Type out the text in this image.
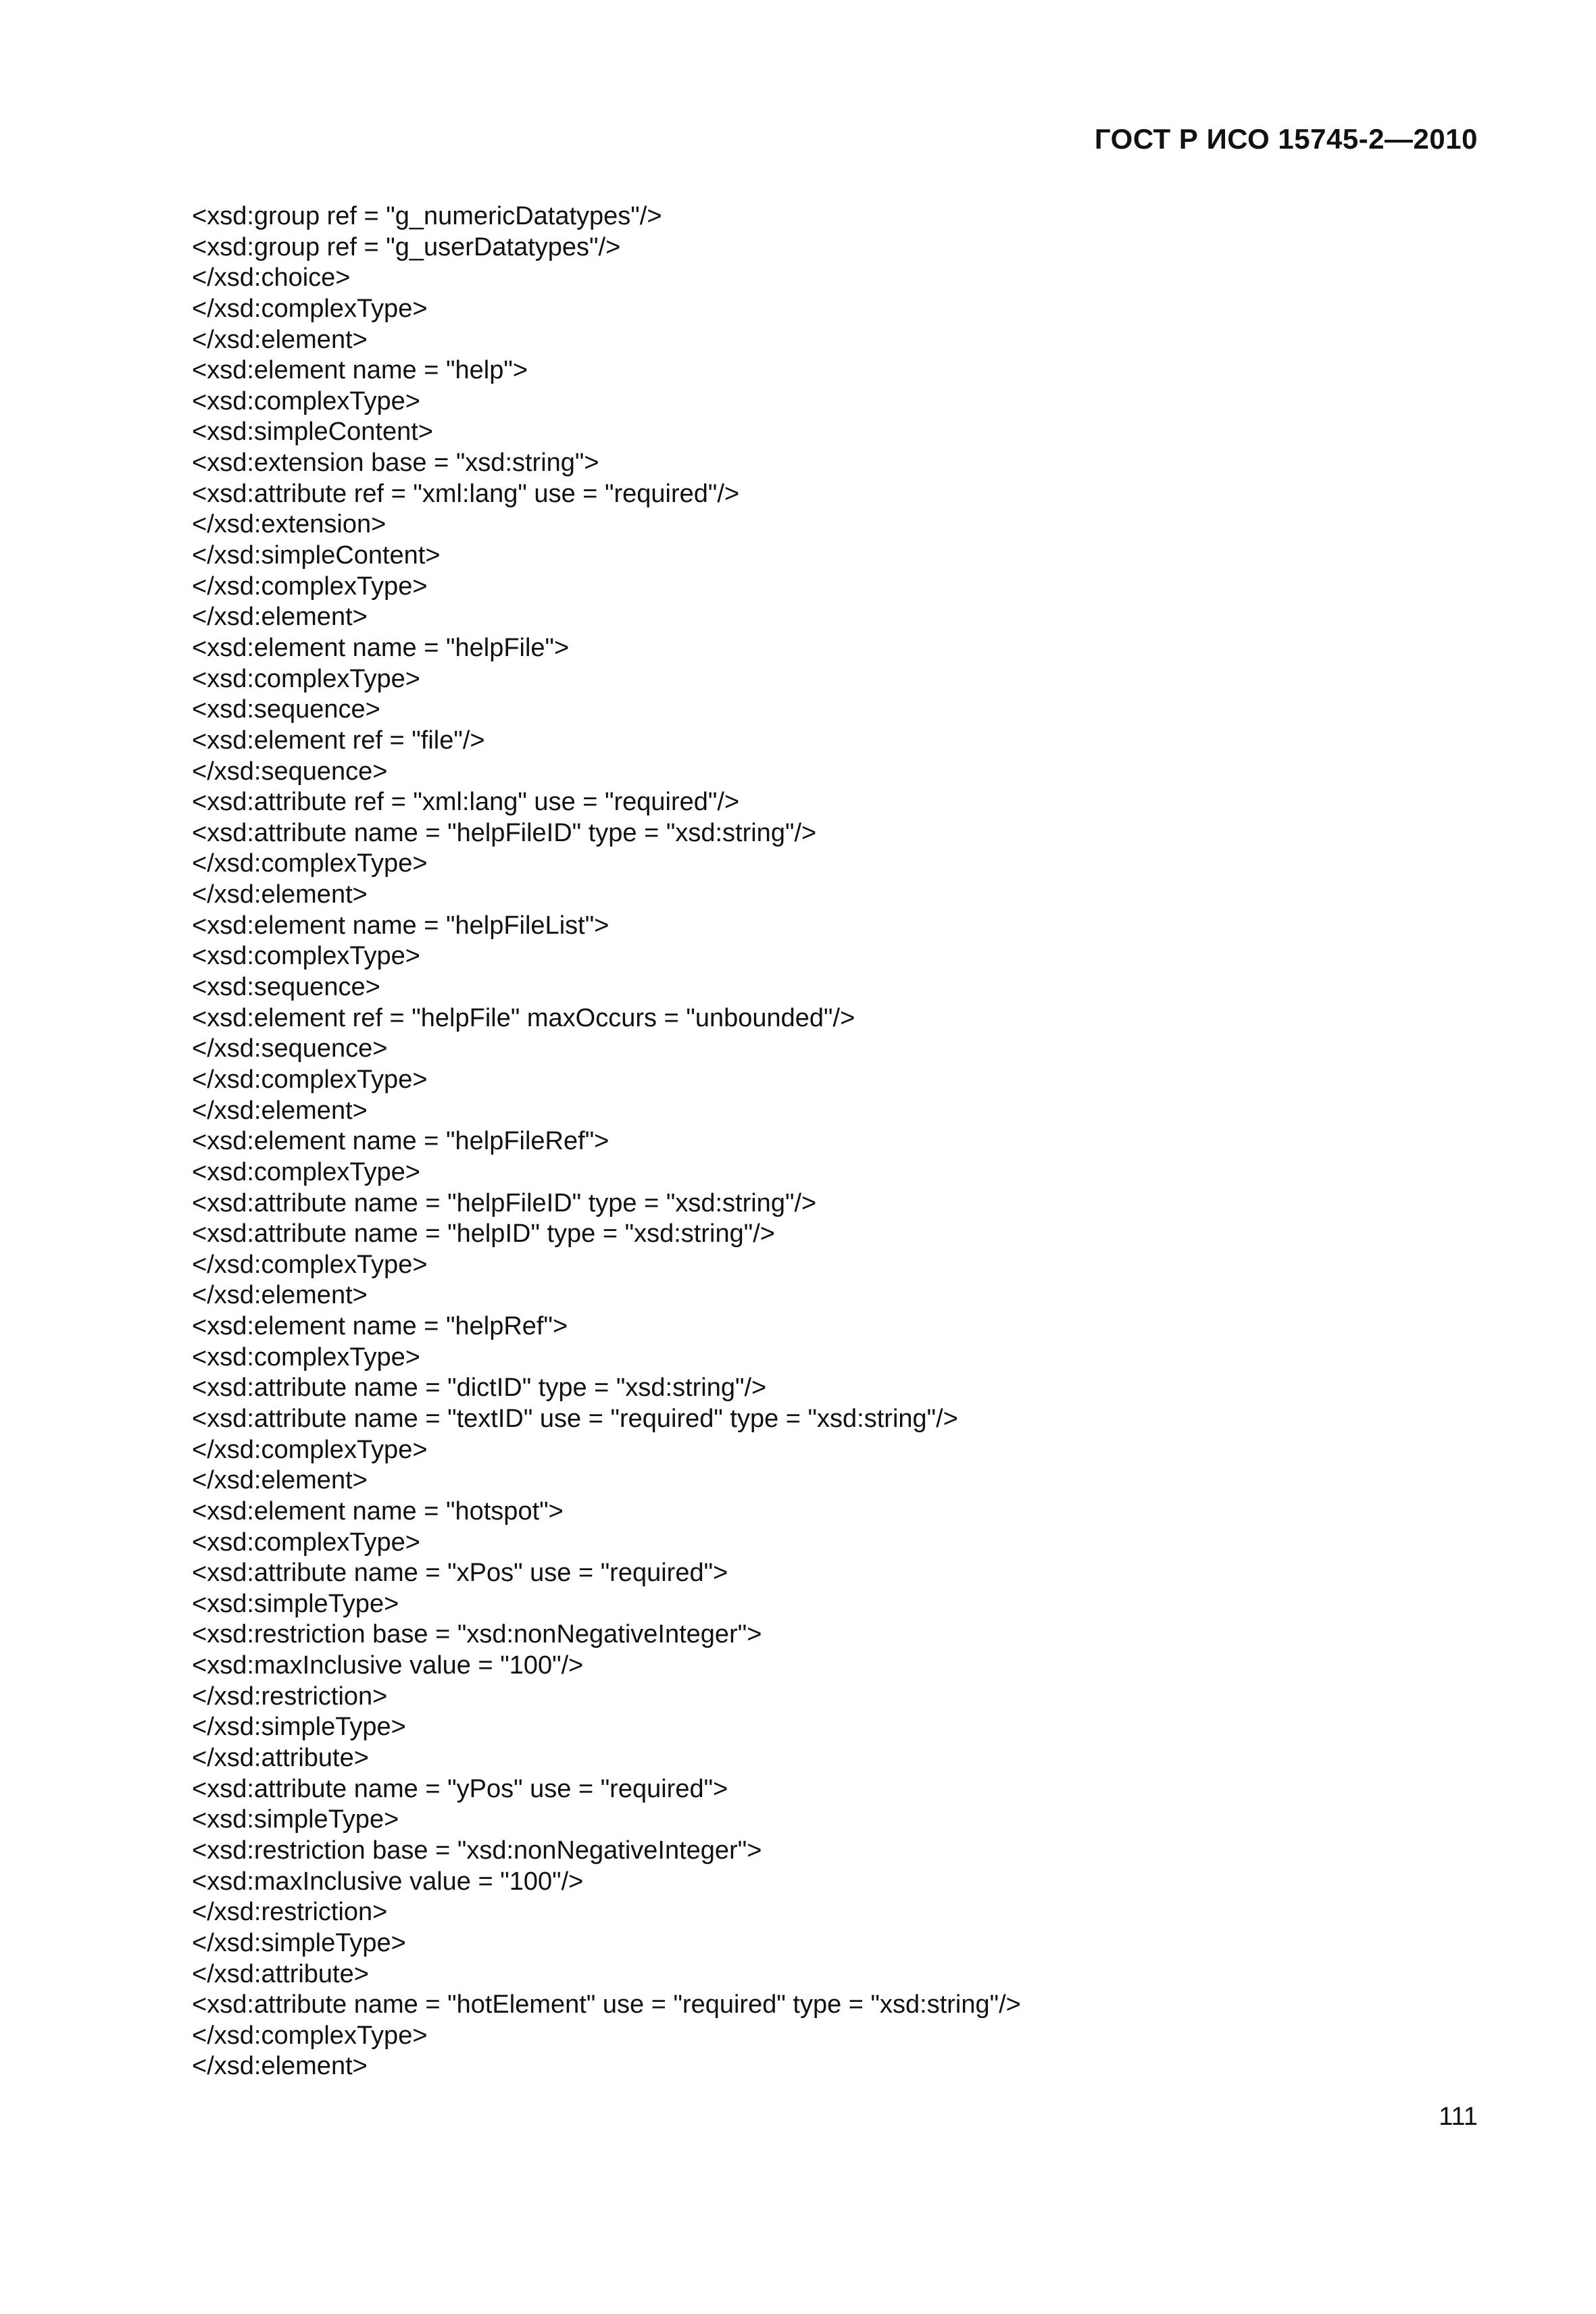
ГОСТ Р ИСО 15745-2—2010
<xsd:group ref = "g_numericDatatypes"/>
<xsd:group ref = "g_userDatatypes"/>
</xsd:choice>
</xsd:complexType>
</xsd:element>
<xsd:element name = "help">
<xsd:complexType>
<xsd:simpleContent>
<xsd:extension base = "xsd:string">
<xsd:attribute ref = "xml:lang" use = "required"/>
</xsd:extension>
</xsd:simpleContent>
</xsd:complexType>
</xsd:element>
<xsd:element name = "helpFile">
<xsd:complexType>
<xsd:sequence>
<xsd:element ref = "file"/>
</xsd:sequence>
<xsd:attribute ref = "xml:lang" use = "required"/>
<xsd:attribute name = "helpFileID" type = "xsd:string"/>
</xsd:complexType>
</xsd:element>
<xsd:element name = "helpFileList">
<xsd:complexType>
<xsd:sequence>
<xsd:element ref = "helpFile" maxOccurs = "unbounded"/>
</xsd:sequence>
</xsd:complexType>
</xsd:element>
<xsd:element name = "helpFileRef">
<xsd:complexType>
<xsd:attribute name = "helpFileID" type = "xsd:string"/>
<xsd:attribute name = "helpID" type = "xsd:string"/>
</xsd:complexType>
</xsd:element>
<xsd:element name = "helpRef">
<xsd:complexType>
<xsd:attribute name = "dictID" type = "xsd:string"/>
<xsd:attribute name = "textID" use = "required" type = "xsd:string"/>
</xsd:complexType>
</xsd:element>
<xsd:element name = "hotspot">
<xsd:complexType>
<xsd:attribute name = "xPos" use = "required">
<xsd:simpleType>
<xsd:restriction base = "xsd:nonNegativeInteger">
<xsd:maxInclusive value = "100"/>
</xsd:restriction>
</xsd:simpleType>
</xsd:attribute>
<xsd:attribute name = "yPos" use = "required">
<xsd:simpleType>
<xsd:restriction base = "xsd:nonNegativeInteger">
<xsd:maxInclusive value = "100"/>
</xsd:restriction>
</xsd:simpleType>
</xsd:attribute>
<xsd:attribute name = "hotElement" use = "required" type = "xsd:string"/>
</xsd:complexType>
</xsd:element>
111
